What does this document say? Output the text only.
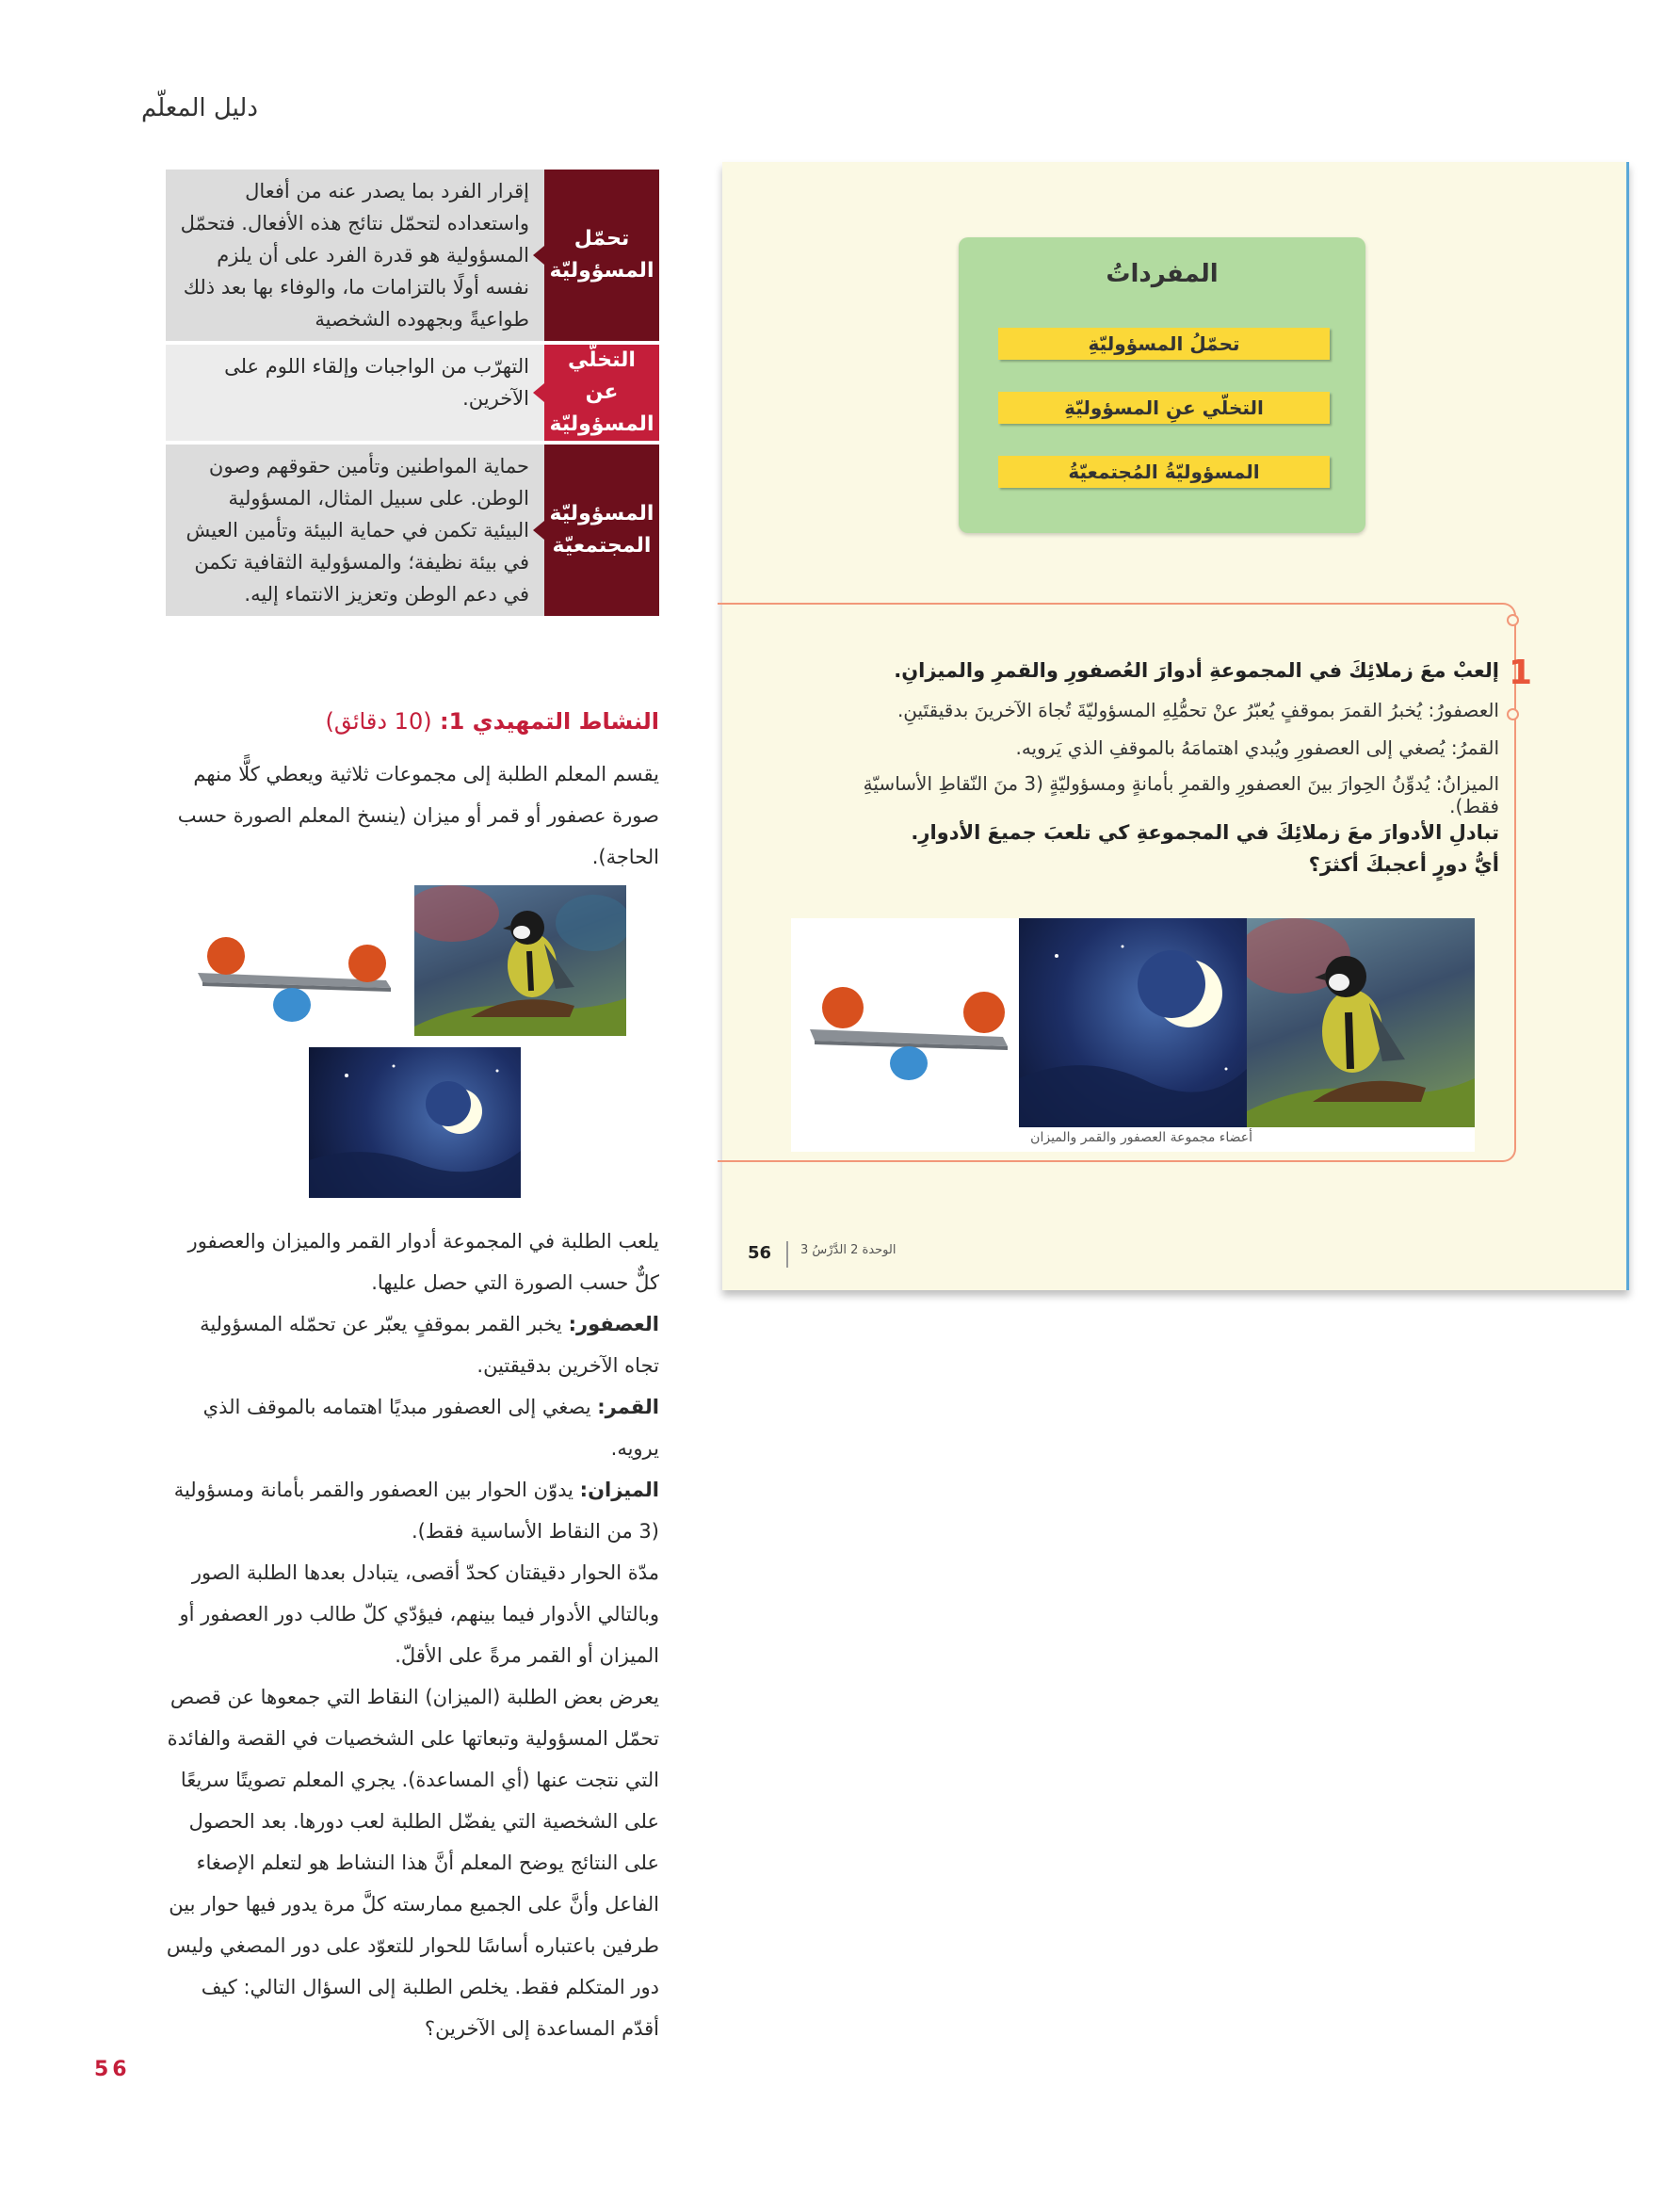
دليل المعلّم
تحمّل المسؤوليّة
إقرار الفرد بما يصدر عنه من أفعال واستعداده لتحمّل نتائج هذه الأفعال. فتحمّل المسؤولية هو قدرة الفرد على أن يلزم نفسه أولًا بالتزامات ما، والوفاء بها بعد ذلك طواعيةً وبجهوده الشخصية
التخلّي عن المسؤوليّة
التهرّب من الواجبات وإلقاء اللوم على الآخرين.
المسؤوليّة المجتمعيّة
حماية المواطنين وتأمين حقوقهم وصون الوطن. على سبيل المثال، المسؤولية البيئية تكمن في حماية البيئة وتأمين العيش في بيئة نظيفة؛ والمسؤولية الثقافية تكمن في دعم الوطن وتعزيز الانتماء إليه.
النشاط التمهيدي 1: (10 دقائق)
يقسم المعلم الطلبة إلى مجموعات ثلاثية ويعطي كلًّا منهم صورة عصفور أو قمر أو ميزان (ينسخ المعلم الصورة حسب الحاجة).

يلعب الطلبة في المجموعة أدوار القمر والميزان والعصفور كلٌّ حسب الصورة التي حصل عليها.

العصفور: يخبر القمر بموقفٍ يعبّر عن تحمّله المسؤولية تجاه الآخرين بدقيقتين.

القمر: يصغي إلى العصفور مبديًا اهتمامه بالموقف الذي يرويه.

الميزان: يدوّن الحوار بين العصفور والقمر بأمانة ومسؤولية (3 من النقاط الأساسية فقط).

مدّة الحوار دقيقتان كحدّ أقصى، يتبادل بعدها الطلبة الصور وبالتالي الأدوار فيما بينهم، فيؤدّي كلّ طالب دور العصفور أو الميزان أو القمر مرةً على الأقلّ.

يعرض بعض الطلبة (الميزان) النقاط التي جمعوها عن قصص تحمّل المسؤولية وتبعاتها على الشخصيات في القصة والفائدة التي نتجت عنها (أي المساعدة). يجري المعلم تصويتًا سريعًا على الشخصية التي يفضّل الطلبة لعب دورها. بعد الحصول على النتائج يوضح المعلم أنَّ هذا النشاط هو لتعلم الإصغاء الفاعل وأنَّ على الجميع ممارسته كلَّ مرة يدور فيها حوار بين طرفين باعتباره أساسًا للحوار للتعوّد على دور المصغي وليس دور المتكلم فقط. يخلص الطلبة إلى السؤال التالي: كيف أقدّم المساعدة إلى الآخرين؟

المفرداتُ
تحمّلُ المسؤوليّةِ
التخلّي عنِ المسؤوليّةِ
المسؤوليّةُ المُجتمعيّةُ
1
إلعبْ معَ زملائِكَ في المجموعةِ أدوارَ العُصفورِ والقمرِ والميزانِ.
العصفورُ: يُخبرُ القمرَ بموقفٍ يُعبّرُ عنْ تحمُّلِهِ المسؤوليّةَ تُجاهَ الآخرينَ بدقيقتَينِ.
القمرُ: يُصغي إلى العصفورِ ويُبدي اهتمامَهُ بالموقفِ الذي يَرويه.
الميزانُ: يُدوِّنُ الحِوارَ بينَ العصفورِ والقمرِ بأمانةٍ ومسؤوليّةٍ (3 منَ النّقاطِ الأساسيّةِ فقط).
تبادلِ الأدوارَ معَ زملائِكَ في المجموعةِ كي تلعبَ جميعَ الأدوارِ.
أيُّ دورٍ أعجبكَ أكثرَ؟
أعضاء مجموعة العصفور والقمر والميزان
56 الوحدة 2 الدَّرْسُ 3
56
